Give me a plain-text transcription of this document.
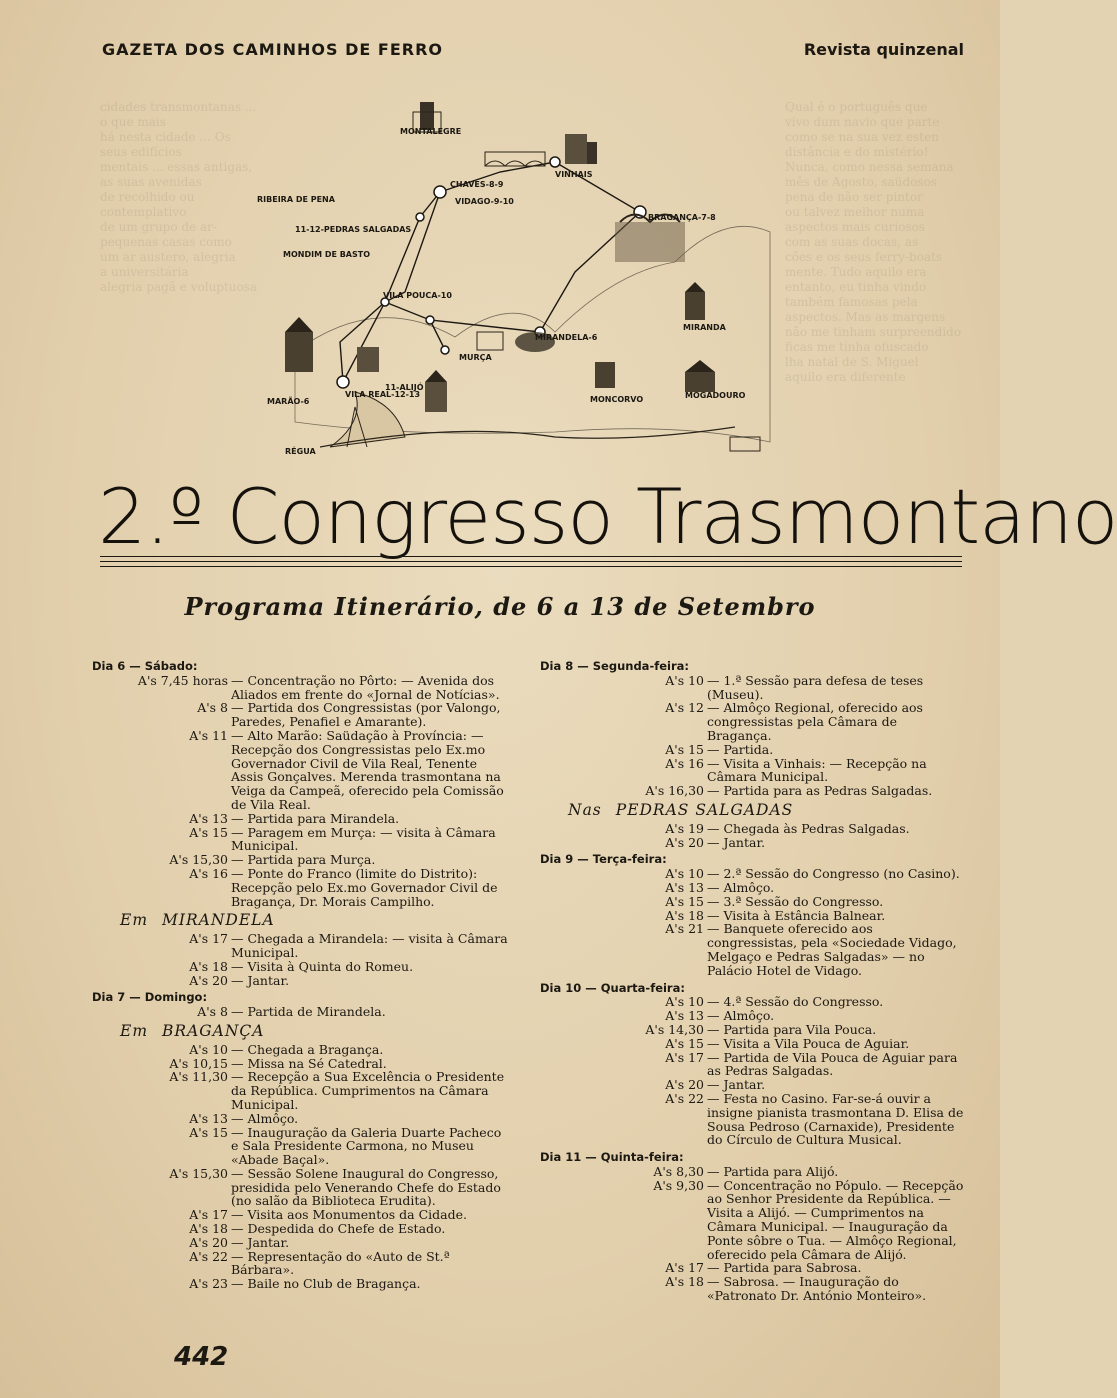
cidades transmontanas ... o que mais
há nesta cidade ... Os seus edifícios
mentais ... essas antigas, as suas avenidas
de recolhido ou contemplativo
de um grupo de ar-
pequenas casas como
um ar austero, alegria
a universitária
alegria pagã e voluptuosa
Qual é o português que
vivo dum navio que parte
como se na sua vez esten
distância e do mistério!
Nunca, como nessa semana
mês de Agosto, saüdosos
pena de não ser pintor
ou talvez melhor numa
aspectos mais curiosos
com as suas docas, as
cões e os seus ferry-boats
mente. Tudo aquilo era
entanto, eu tinha vindo
também famosas pela
aspectos. Mas as margens
não me tinham surpreendido
ficas me tinha ofuscado
lha natal de S. Miguel
aquilo era diferente
GAZETA DOS CAMINHOS DE FERRO	Revista quinzenal
MONTALEGRE
CHAVES-8-9
VINHAIS
BRAGANÇA-7-8
VIDAGO-9-10
RIBEIRA DE PENA
11-12-PEDRAS SALGADAS
MONDIM DE BASTO
VILA POUCA-10
MIRANDELA-6
MIRANDA
MURÇA
MARÃO-6
VILA REAL-12-13
11-ALIJÓ
MONCORVO	MOGADOURO
RÉGUA
2.º Congresso Trasmontano
Programa Itinerário, de 6 a 13 de Setembro
Dia 6 — Sábado:
A's 7,45 horas — Concentração no Pôrto: — Avenida dos Aliados em frente do «Jornal de Notícias».
A's 8 — Partida dos Congressistas (por Valongo, Paredes, Penafiel e Amarante).
A's 11 — Alto Marão: Saüdação à Província: — Recepção dos Congressistas pelo Ex.mo Governador Civil de Vila Real, Tenente Assis Gonçalves. Merenda trasmontana na Veiga da Campeã, oferecido pela Comissão de Vila Real.
A's 13 — Partida para Mirandela.
A's 15 — Paragem em Murça: — visita à Câmara Municipal.
A's 15,30 — Partida para Murça.
A's 16 — Ponte do Franco (limite do Distrito): Recepção pelo Ex.mo Governador Civil de Bragança, Dr. Morais Campilho.
Em MIRANDELA
A's 17 — Chegada a Mirandela: — visita à Câmara Municipal.
A's 18 — Visita à Quinta do Romeu.
A's 20 — Jantar.
Dia 7 — Domingo:
A's 8 — Partida de Mirandela.
Em BRAGANÇA
A's 10 — Chegada a Bragança.
A's 10,15 — Missa na Sé Catedral.
A's 11,30 — Recepção a Sua Excelência o Presidente da República. Cumprimentos na Câmara Municipal.
A's 13 — Almôço.
A's 15 — Inauguração da Galeria Duarte Pacheco e Sala Presidente Carmona, no Museu «Abade Baçal».
A's 15,30 — Sessão Solene Inaugural do Congresso, presidida pelo Venerando Chefe do Estado (no salão da Biblioteca Erudita).
A's 17 — Visita aos Monumentos da Cidade.
A's 18 — Despedida do Chefe de Estado.
A's 20 — Jantar.
A's 22 — Representação do «Auto de St.ª Bárbara».
A's 23 — Baile no Club de Bragança.
Dia 8 — Segunda-feira:
A's 10 — 1.ª Sessão para defesa de teses (Museu).
A's 12 — Almôço Regional, oferecido aos congressistas pela Câmara de Bragança.
A's 15 — Partida.
A's 16 — Visita a Vinhais: — Recepção na Câmara Municipal.
A's 16,30 — Partida para as Pedras Salgadas.
Nas PEDRAS SALGADAS
A's 19 — Chegada às Pedras Salgadas.
A's 20 — Jantar.
Dia 9 — Terça-feira:
A's 10 — 2.ª Sessão do Congresso (no Casino).
A's 13 — Almôço.
A's 15 — 3.ª Sessão do Congresso.
A's 18 — Visita à Estância Balnear.
A's 21 — Banquete oferecido aos congressistas, pela «Sociedade Vidago, Melgaço e Pedras Salgadas» — no Palácio Hotel de Vidago.
Dia 10 — Quarta-feira:
A's 10 — 4.ª Sessão do Congresso.
A's 13 — Almôço.
A's 14,30 — Partida para Vila Pouca.
A's 15 — Visita a Vila Pouca de Aguiar.
A's 17 — Partida de Vila Pouca de Aguiar para as Pedras Salgadas.
A's 20 — Jantar.
A's 22 — Festa no Casino. Far-se-á ouvir a insigne pianista trasmontana D. Elisa de Sousa Pedroso (Carnaxide), Presidente do Círculo de Cultura Musical.
Dia 11 — Quinta-feira:
A's 8,30 — Partida para Alijó.
A's 9,30 — Concentração no Pópulo. — Recepção ao Senhor Presidente da República. — Visita a Alijó. — Cumprimentos na Câmara Municipal. — Inauguração da Ponte sôbre o Tua. — Almôço Regional, oferecido pela Câmara de Alijó.
A's 17 — Partida para Sabrosa.
A's 18 — Sabrosa. — Inauguração do «Patronato Dr. António Monteiro».
442
